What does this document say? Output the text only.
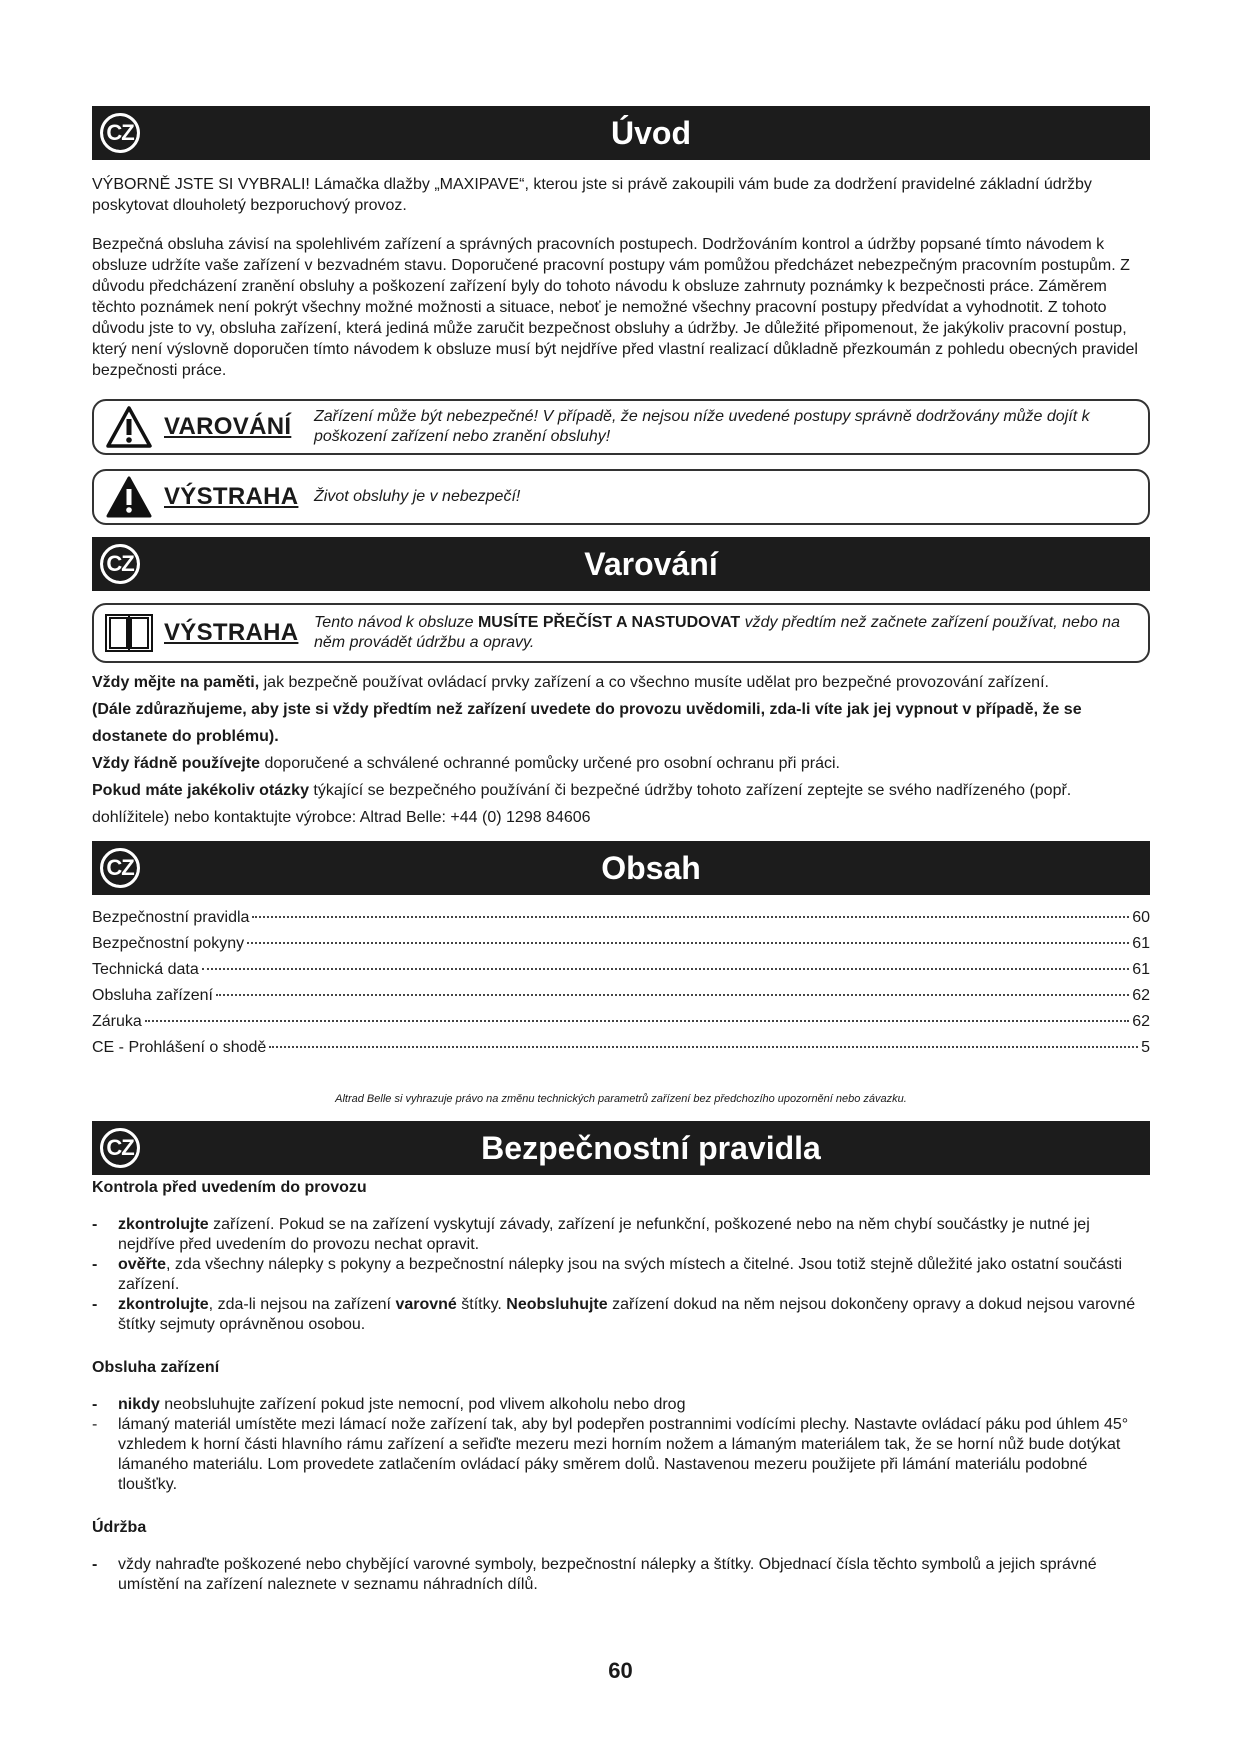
CZ	Úvod

VÝBORNĚ JSTE SI VYBRALI! Lámačka dlažby „MAXIPAVE“, kterou jste si právě zakoupili vám bude za dodržení pravidelné základní údržby poskytovat dlouholetý bezporuchový provoz.

Bezpečná obsluha závisí na spolehlivém zařízení a správných pracovních postupech. Dodržováním kontrol a údržby popsané tímto návodem k obsluze udržíte vaše zařízení v bezvadném stavu. Doporučené pracovní postupy vám pomůžou předcházet nebezpečným pracovním postupům. Z důvodu předcházení zranění obsluhy a poškození zařízení byly do tohoto návodu k obsluze zahrnuty poznámky k bezpečnosti práce. Záměrem těchto poznámek není pokrýt všechny možné možnosti a situace, neboť je nemožné všechny pracovní postupy předvídat a vyhodnotit. Z tohoto důvodu jste to vy, obsluha zařízení, která jediná může zaručit bezpečnost obsluhy a údržby. Je důležité připomenout, že jakýkoliv pracovní postup, který není výslovně doporučen tímto návodem k obsluze musí být nejdříve před vlastní realizací důkladně přezkoumán z pohledu obecných pravidel bezpečnosti práce.

VAROVÁNÍ	Zařízení může být nebezpečné! V případě, že nejsou níže uvedené postupy správně dodržovány může dojít k poškození zařízení nebo zranění obsluhy!
VÝSTRAHA Život obsluhy je v nebezpečí!
CZ	Varování
VÝSTRAHA Tento návod k obsluze MUSÍTE PŘEČÍST A NASTUDOVAT vždy předtím než začnete zařízení používat, nebo na něm provádět údržbu a opravy.

Vždy mějte na paměti, jak bezpečně používat ovládací prvky zařízení a co všechno musíte udělat pro bezpečné provozování zařízení.

(Dále zdůrazňujeme, aby jste si vždy předtím než zařízení uvedete do provozu uvědomili, zda-li víte jak jej vypnout v případě, že se dostanete do problému).

Vždy řádně používejte doporučené a schválené ochranné pomůcky určené pro osobní ochranu při práci.

Pokud máte jakékoliv otázky týkající se bezpečného používání či bezpečné údržby tohoto zařízení zeptejte se svého nadřízeného (popř. dohlížitele) nebo kontaktujte výrobce: Altrad Belle: +44 (0) 1298 84606

CZ	Obsah
Bezpečnostní pravidla	60
Bezpečnostní pokyny	61
Technická data	61
Obsluha zařízení	62
Záruka	62
CE - Prohlášení o shodě	5
Altrad Belle si vyhrazuje právo na změnu technických parametrů zařízení bez předchozího upozornění nebo závazku.
CZ	Bezpečnostní pravidla
Kontrola před uvedením do provozu
-	zkontrolujte zařízení. Pokud se na zařízení vyskytují závady, zařízení je nefunkční, poškozené nebo na něm chybí součástky je nutné jej nejdříve před uvedením do provozu nechat opravit.
-	ověřte, zda všechny nálepky s pokyny a bezpečnostní nálepky jsou na svých místech a čitelné. Jsou totiž stejně důležité jako ostatní součásti zařízení.
-	zkontrolujte, zda-li nejsou na zařízení varovné štítky. Neobsluhujte zařízení dokud na něm nejsou dokončeny opravy a dokud nejsou varovné štítky sejmuty oprávněnou osobou.
Obsluha zařízení
-	nikdy neobsluhujte zařízení pokud jste nemocní, pod vlivem alkoholu nebo drog
-	lámaný materiál umístěte mezi lámací nože zařízení tak, aby byl podepřen postrannimi vodícími plechy. Nastavte ovládací páku pod úhlem 45° vzhledem k horní části hlavního rámu zařízení a seřiďte mezeru mezi horním nožem a lámaným materiálem tak, že se horní nůž bude dotýkat lámaného materiálu. Lom provedete zatlačením ovládací páky směrem dolů. Nastavenou mezeru použijete při lámání materiálu podobné tloušťky.
Údržba
-	vždy nahraďte poškozené nebo chybějící varovné symboly, bezpečnostní nálepky a štítky. Objednací čísla těchto symbolů a jejich správné umístění na zařízení naleznete v seznamu náhradních dílů.
60
